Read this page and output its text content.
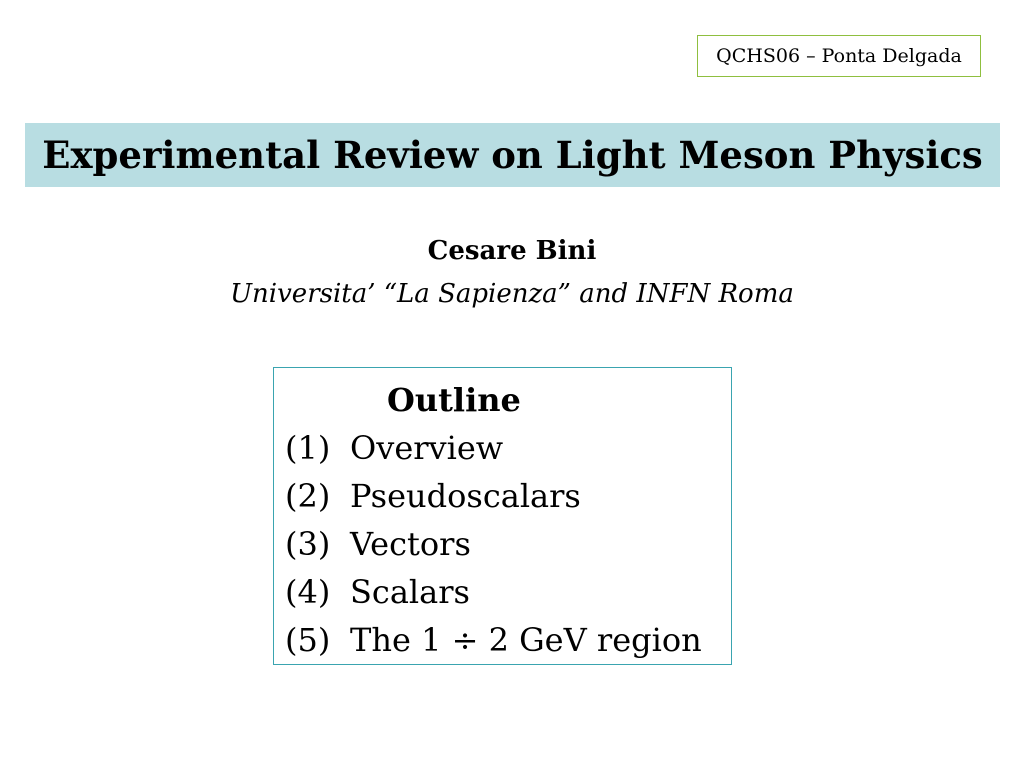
QCHS06 – Ponta Delgada
Experimental Review on Light Meson Physics
Cesare Bini
Universita’ “La Sapienza” and INFN Roma
Outline
(1) Overview
(2) Pseudoscalars
(3) Vectors
(4) Scalars
(5) The 1 ÷ 2 GeV region
